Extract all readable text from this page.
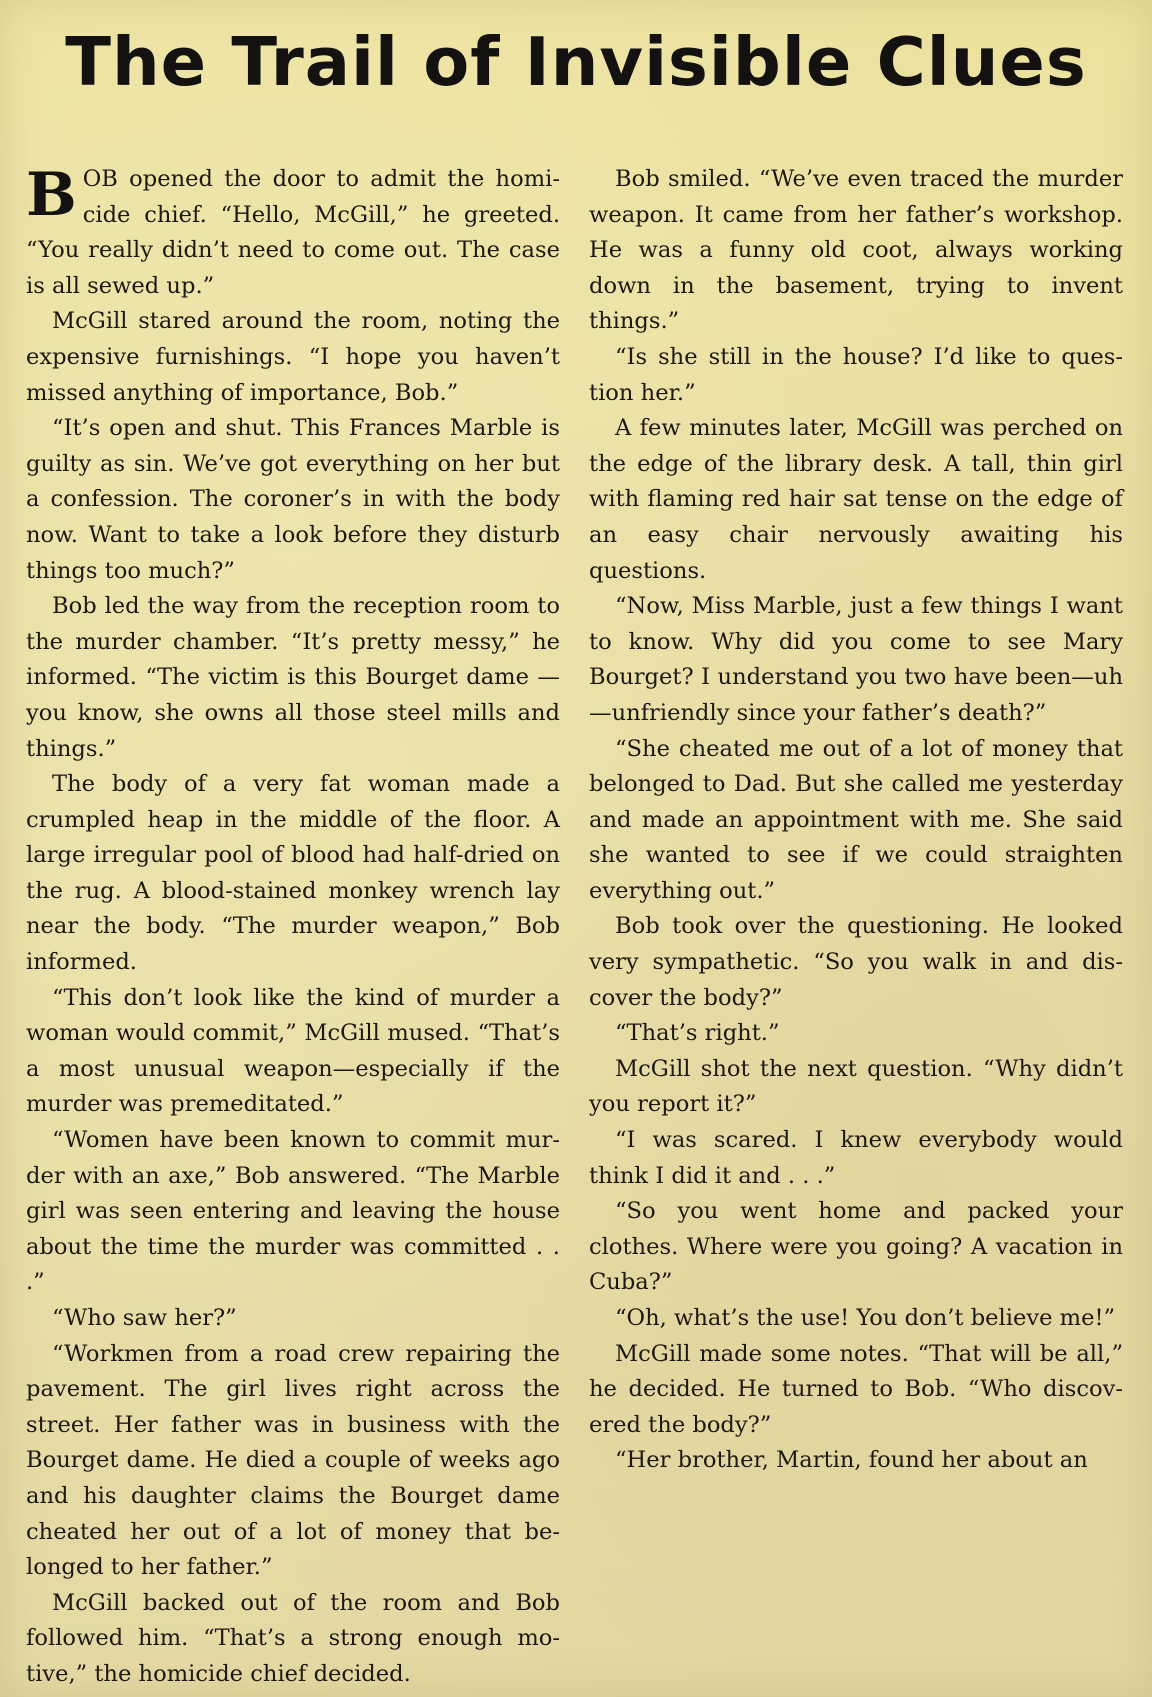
The Trail of Invisible Clues

BOB opened the door to admit the homicide chief. “Hello, McGill,” he greeted. “You really didn’t need to come out. The case is all sewed up.”

McGill stared around the room, noting the expensive furnishings. “I hope you haven’t missed anything of importance, Bob.”

“It’s open and shut. This Frances Marble is guilty as sin. We’ve got everything on her but a confession. The coroner’s in with the body now. Want to take a look before they disturb things too much?”

Bob led the way from the reception room to the murder chamber. “It’s pretty messy,” he informed. “The victim is this Bourget dame —you know, she owns all those steel mills and things.”

The body of a very fat woman made a crumpled heap in the middle of the floor. A large irregular pool of blood had half-dried on the rug. A blood-stained monkey wrench lay near the body. “The murder weapon,” Bob informed.

“This don’t look like the kind of murder a woman would commit,” McGill mused. “That’s a most unusual weapon—especially if the murder was premeditated.”

“Women have been known to commit murder with an axe,” Bob answered. “The Marble girl was seen entering and leaving the house about the time the murder was committed . . .”

“Who saw her?”

“Workmen from a road crew repairing the pavement. The girl lives right across the street. Her father was in business with the Bourget dame. He died a couple of weeks ago and his daughter claims the Bourget dame cheated her out of a lot of money that belonged to her father.”

McGill backed out of the room and Bob followed him. “That’s a strong enough motive,” the homicide chief decided.

Bob smiled. “We’ve even traced the murder weapon. It came from her father’s workshop. He was a funny old coot, always working down in the basement, trying to invent things.”

“Is she still in the house? I’d like to question her.”

A few minutes later, McGill was perched on the edge of the library desk. A tall, thin girl with flaming red hair sat tense on the edge of an easy chair nervously awaiting his questions.

“Now, Miss Marble, just a few things I want to know. Why did you come to see Mary Bourget? I understand you two have been—uh—unfriendly since your father’s death?”

“She cheated me out of a lot of money that belonged to Dad. But she called me yesterday and made an appointment with me. She said she wanted to see if we could straighten everything out.”

Bob took over the questioning. He looked very sympathetic. “So you walk in and discover the body?”

“That’s right.”

McGill shot the next question. “Why didn’t you report it?”

“I was scared. I knew everybody would think I did it and . . .”

“So you went home and packed your clothes. Where were you going? A vacation in Cuba?”

“Oh, what’s the use! You don’t believe me!”

McGill made some notes. “That will be all,” he decided. He turned to Bob. “Who discovered the body?”

“Her brother, Martin, found her about an
